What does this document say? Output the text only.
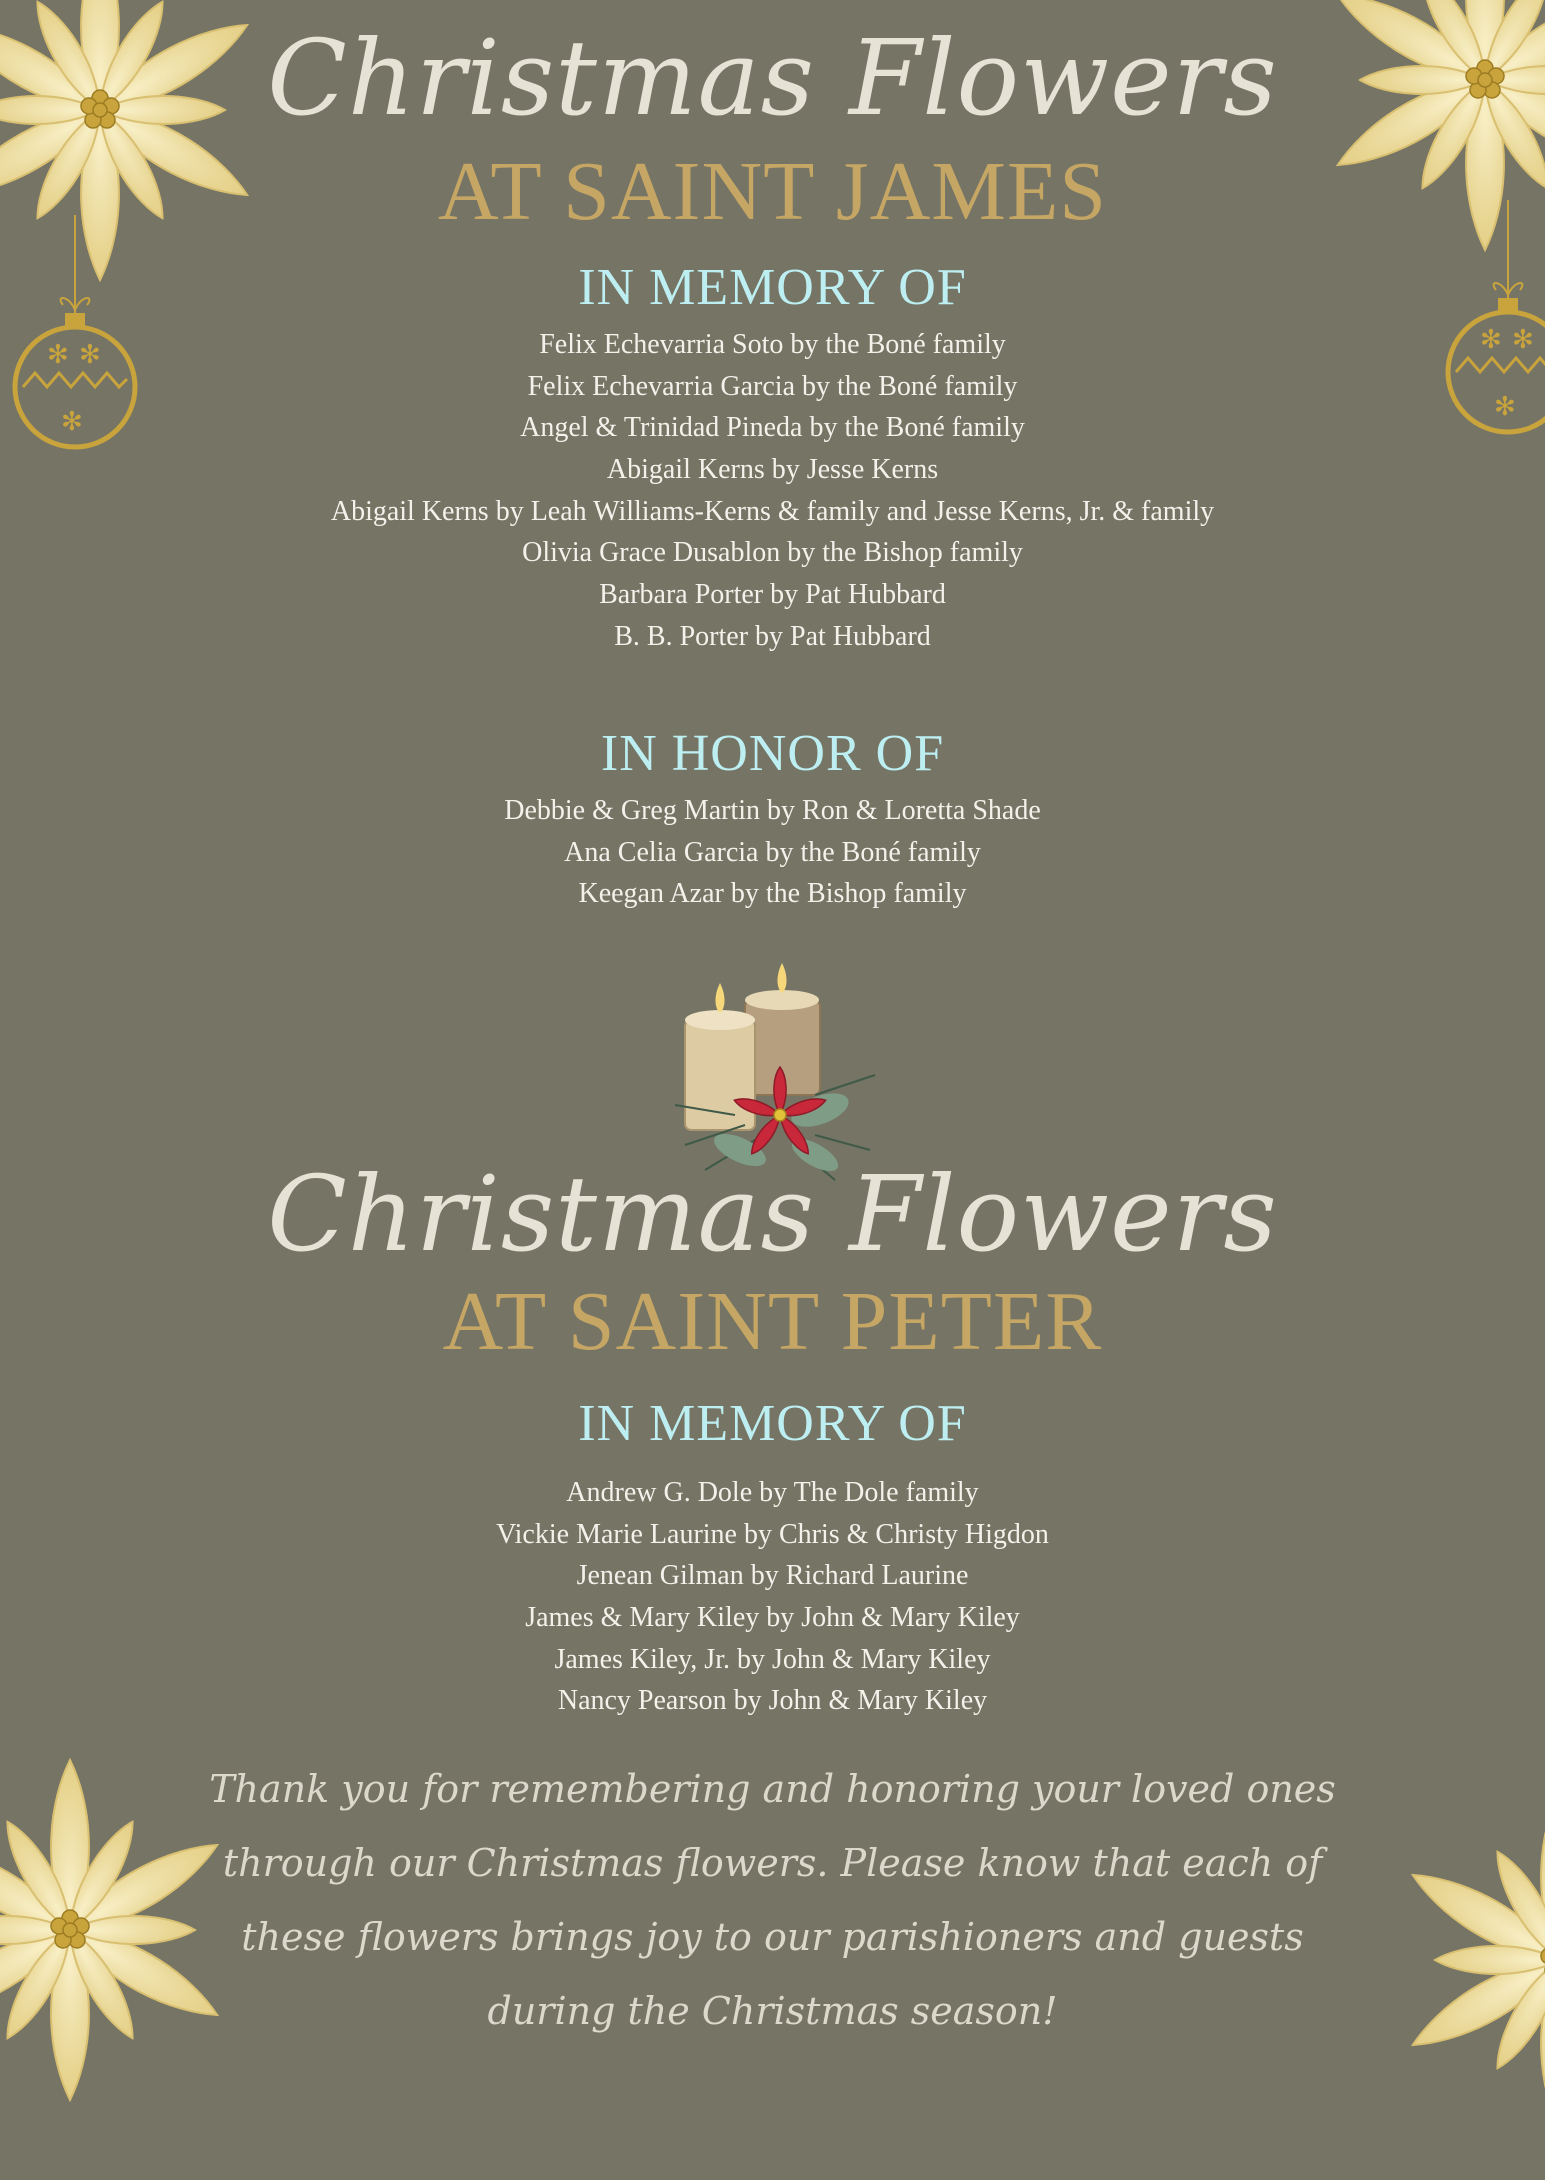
Christmas Flowers
AT SAINT JAMES
IN MEMORY OF
Felix Echevarria Soto by the Boné family
Felix Echevarria Garcia by the Boné family
Angel & Trinidad Pineda by the Boné family
Abigail Kerns by Jesse Kerns
Abigail Kerns by Leah Williams-Kerns & family and Jesse Kerns, Jr. & family
Olivia Grace Dusablon by the Bishop family
Barbara Porter by Pat Hubbard
B. B. Porter by Pat Hubbard
IN HONOR OF
Debbie & Greg Martin by Ron & Loretta Shade
Ana Celia Garcia by the Boné family
Keegan Azar by the Bishop family
Christmas Flowers
AT SAINT PETER
IN MEMORY OF
Andrew G. Dole by The Dole family
Vickie Marie Laurine by Chris & Christy Higdon
Jenean Gilman by Richard Laurine
James & Mary Kiley by John & Mary Kiley
James Kiley, Jr. by John & Mary Kiley
Nancy Pearson by John & Mary Kiley
Thank you for remembering and honoring your loved ones through our Christmas flowers. Please know that each of these flowers brings joy to our parishioners and guests during the Christmas season!
